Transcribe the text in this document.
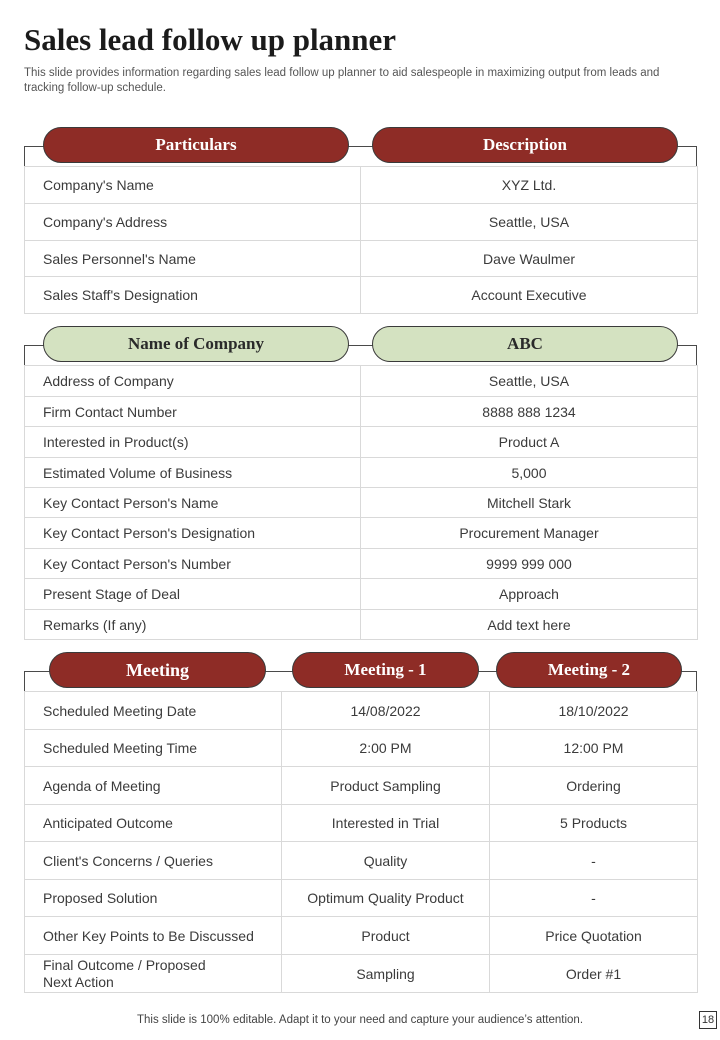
Sales lead follow up planner
This slide provides information regarding sales lead follow up planner to aid salespeople in maximizing output from leads and tracking follow-up schedule.
Particulars	Description
Company's Name	XYZ Ltd.
Company's Address	Seattle, USA
Sales Personnel's Name	Dave Waulmer
Sales Staff's Designation	Account Executive
Name of Company	ABC
Address of Company	Seattle, USA
Firm Contact Number	8888 888 1234
Interested in Product(s)	Product A
Estimated Volume of Business	5,000
Key Contact Person's Name	Mitchell Stark
Key Contact Person's Designation	Procurement Manager
Key Contact Person's Number	9999 999 000
Present Stage of Deal	Approach
Remarks (If any)	Add text here
Meeting	Meeting - 1	Meeting - 2
Scheduled Meeting Date	14/08/2022	18/10/2022
Scheduled Meeting Time	2:00 PM	12:00 PM
Agenda of Meeting	Product Sampling	Ordering
Anticipated Outcome	Interested in Trial	5 Products
Client's Concerns / Queries	Quality	-
Proposed Solution	Optimum Quality Product	-
Other Key Points to Be Discussed	Product	Price Quotation
Final Outcome / Proposed
Next Action	Sampling	Order #1
This slide is 100% editable. Adapt it to your need and capture your audience’s attention.	18
